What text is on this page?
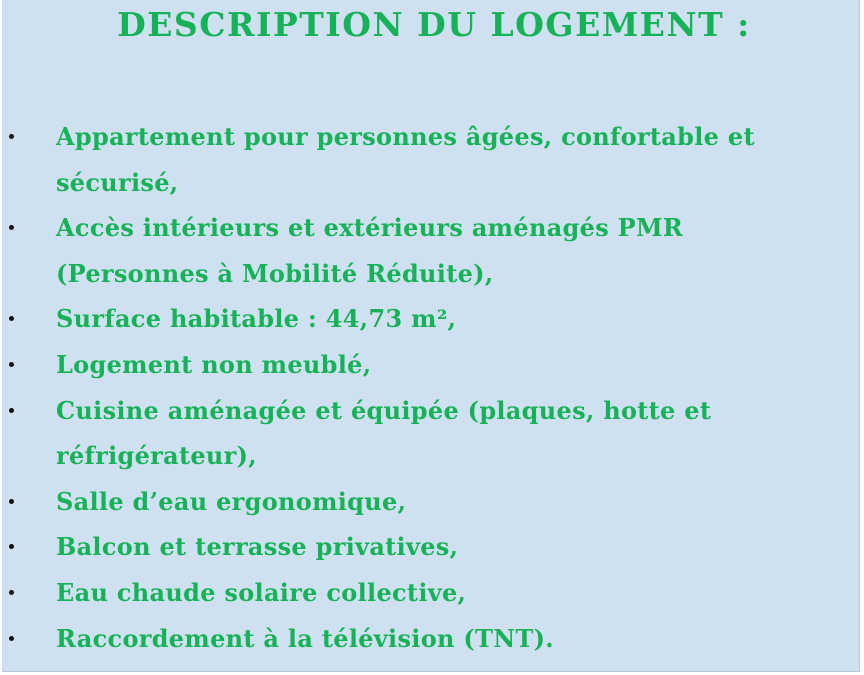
DESCRIPTION DU LOGEMENT :
Appartement pour personnes âgées, confortable et sécurisé,
Accès intérieurs et extérieurs aménagés PMR (Personnes à Mobilité Réduite),
Surface habitable : 44,73 m²,
Logement non meublé,
Cuisine aménagée et équipée (plaques, hotte et réfrigérateur),
Salle d’eau ergonomique,
Balcon et terrasse privatives,
Eau chaude solaire collective,
Raccordement à la télévision (TNT).
